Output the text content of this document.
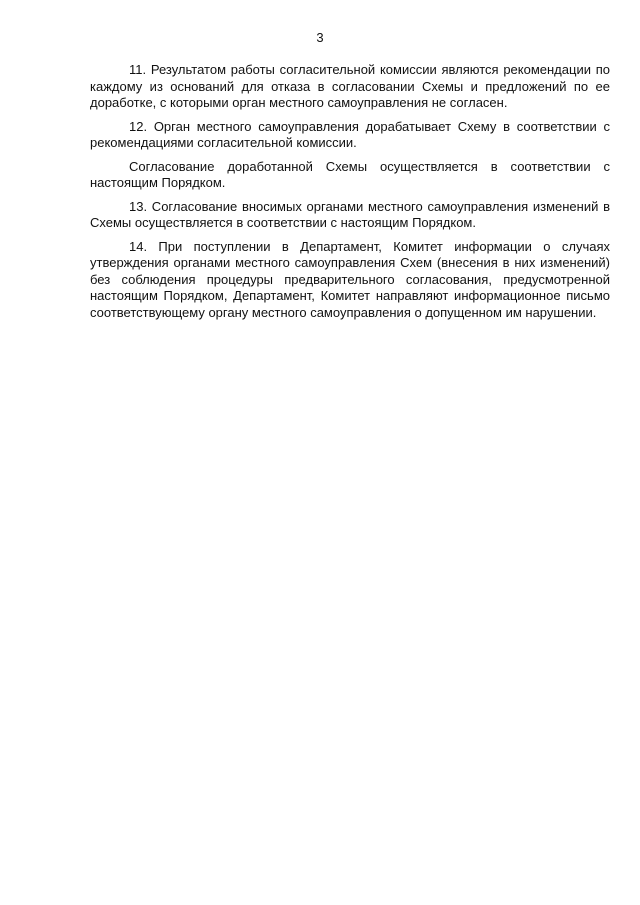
3

11. Результатом работы согласительной комиссии являются рекомендации по каждому из оснований для отказа в согласовании Схемы и предложений по ее доработке, с которыми орган местного самоуправления не согласен.

12. Орган местного самоуправления дорабатывает Схему в соответствии с рекомендациями согласительной комиссии.

Согласование доработанной Схемы осуществляется в соответствии с настоящим Порядком.

13. Согласование вносимых органами местного самоуправления изменений в Схемы осуществляется в соответствии с настоящим Порядком.

14. При поступлении в Департамент, Комитет информации о случаях утверждения органами местного самоуправления Схем (внесения в них изменений) без соблюдения процедуры предварительного согласования, предусмотренной настоящим Порядком, Департамент, Комитет направляют информационное письмо соответствующему органу местного самоуправления о допущенном им нарушении.
